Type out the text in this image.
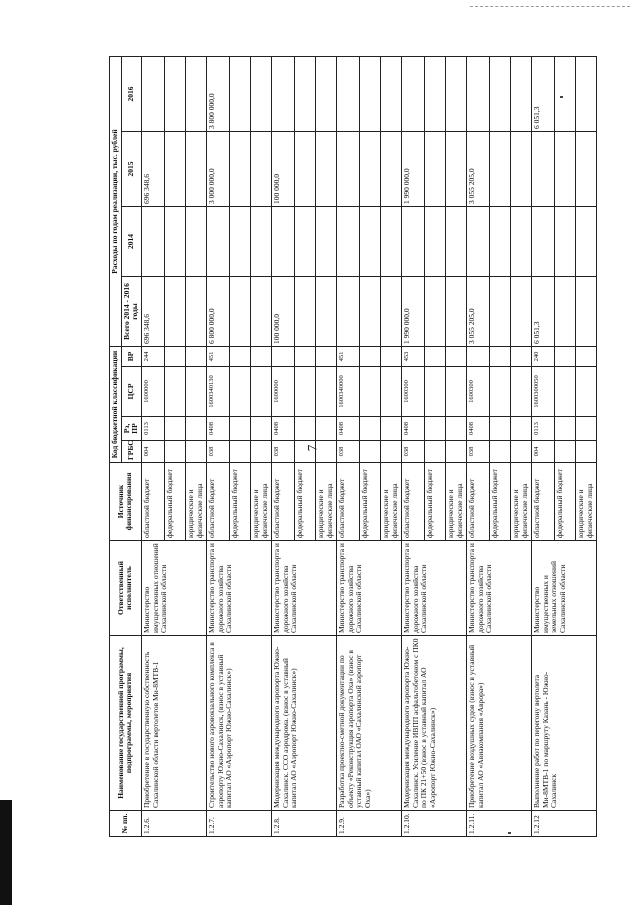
7
№ пп.	Наименование государственной программы, подпрограммы, мероприятия	Ответственный исполнитель	Источник финансирования	Код бюджетной классификации				Расходы по годам реализации, тыс. рублей			
				ГРБС	Рз, ПР	ЦСР	ВР	Всего 2014 - 2016 годы	2014	2015	2016
1.2.6.	Приобретение в государственную собственность Сахалинской области вертолетов Ми-8МТВ-1	Министерство имущественных отношений Сахалинской области	областной бюджет	004	0113	1600000	244	696 348,6		696 348,6	
			федеральный бюджет								
			юридические и физические лица								
1.2.7.	Строительство нового аэровокзального комплекса в аэропорту Южно-Сахалинск, (взнос в уставный капитал АО «Аэропорт Южно-Сахалинск»)	Министерство транспорта и дорожного хозяйства Сахалинской области	областной бюджет	038	0408	1600340130	451	6 800 000,0		3 000 000,0	3 800 000,0
			федеральный бюджет								
			юридические и физические лица								
1.2.8.	Модернизация международного аэропорта Южно-Сахалинск. ССО аэродрома. (взнос в уставный капитал АО «Аэропорт Южно-Сахалинск»)	Министерство транспорта и дорожного хозяйства Сахалинской области	областной бюджет	038	0408	1600000		100 000,0		100 000,0	
			федеральный бюджет								
			юридические и физические лица								
1.2.9.	Разработка проектно-сметной документации по объекту «Реконструкция аэропорта Оха» (взнос в уставный капитал ОАО «Сахалинский аэропорт Оха»)	Министерство транспорта и дорожного хозяйства Сахалинской области	областной бюджет	038	0408	1600340000	451				
			федеральный бюджет								
			юридические и физические лица								
1.2.10.	Модернизация международного аэропорта Южно-Сахалинск. Усиление ИВПП асфальтобетоном с ПК0 по ПК 21+50 (взнос в уставный капитал АО «Аэропорт Южно-Сахалинск»)	Министерство транспорта и дорожного хозяйства Сахалинской области	областной бюджет	038	0408	1600300	453	1 990 000,0		1 990 000,0	
			федеральный бюджет								
			юридические и физические лица								
1.2.11.	Приобретение воздушных судов (взнос в уставный капитал АО «Авиакомпания «Аврора»)	Министерство транспорта и дорожного хозяйства Сахалинской области	областной бюджет	038	0408	1600300		3 055 205,0		3 055 205,0	
			федеральный бюджет								
			юридические и физические лица								
1.2.12	Выполнение работ по перегону вертолета Ми-8МТВ-1 по маршруту Казань - Южно-Сахалинск	Министерство имущественных и земельных отношений Сахалинской области	областной бюджет	004	0113	1600300050	240	6 051,3			6 051,3
			федеральный бюджет								
			юридические и физические лица								
